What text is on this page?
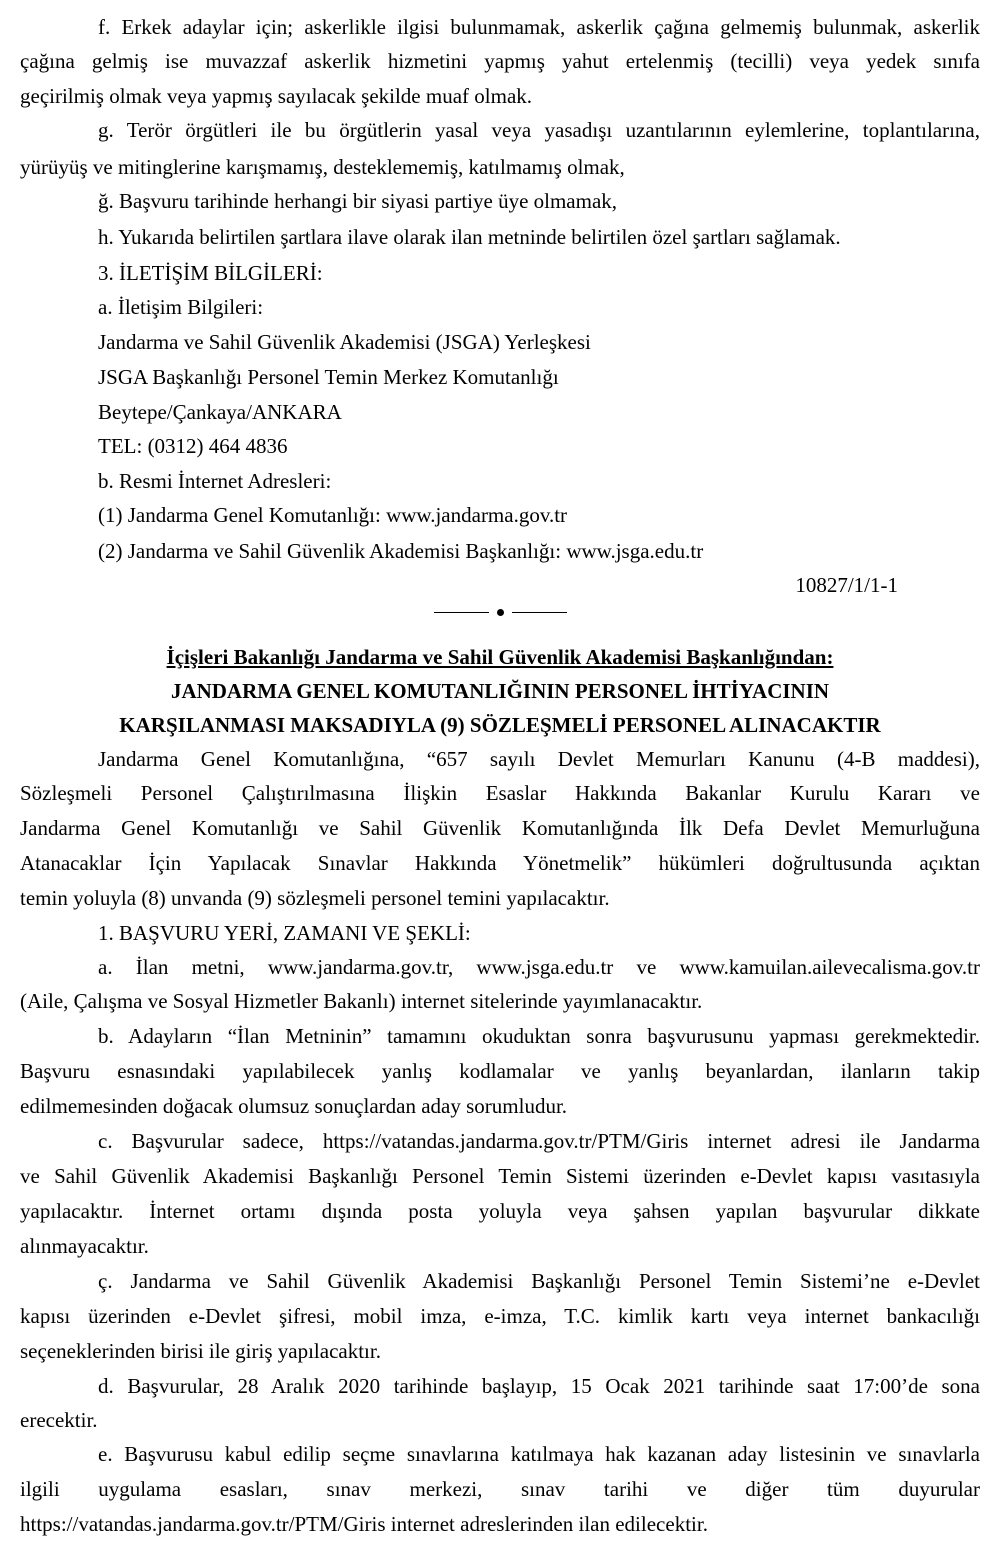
f. Erkek adaylar için; askerlikle ilgisi bulunmamak, askerlik çağına gelmemiş bulunmak, askerlik
çağına gelmiş ise muvazzaf askerlik hizmetini yapmış yahut ertelenmiş (tecilli) veya yedek sınıfa
geçirilmiş olmak veya yapmış sayılacak şekilde muaf olmak.
g. Terör örgütleri ile bu örgütlerin yasal veya yasadışı uzantılarının eylemlerine, toplantılarına,
yürüyüş ve mitinglerine karışmamış, desteklememiş, katılmamış olmak,
ğ. Başvuru tarihinde herhangi bir siyasi partiye üye olmamak,
h. Yukarıda belirtilen şartlara ilave olarak ilan metninde belirtilen özel şartları sağlamak.
3. İLETİŞİM BİLGİLERİ:
a. İletişim Bilgileri:
Jandarma ve Sahil Güvenlik Akademisi (JSGA) Yerleşkesi
JSGA Başkanlığı Personel Temin Merkez Komutanlığı
Beytepe/Çankaya/ANKARA
TEL: (0312) 464 4836
b. Resmi İnternet Adresleri:
(1) Jandarma Genel Komutanlığı: www.jandarma.gov.tr
(2) Jandarma ve Sahil Güvenlik Akademisi Başkanlığı: www.jsga.edu.tr
10827/1/1-1
İçişleri Bakanlığı Jandarma ve Sahil Güvenlik Akademisi Başkanlığından:
JANDARMA GENEL KOMUTANLIĞININ PERSONEL İHTİYACININ
KARŞILANMASI MAKSADIYLA (9) SÖZLEŞMELİ PERSONEL ALINACAKTIR
Jandarma Genel Komutanlığına, “657 sayılı Devlet Memurları Kanunu (4-B maddesi),
Sözleşmeli Personel Çalıştırılmasına İlişkin Esaslar Hakkında Bakanlar Kurulu Kararı ve
Jandarma Genel Komutanlığı ve Sahil Güvenlik Komutanlığında İlk Defa Devlet Memurluğuna
Atanacaklar İçin Yapılacak Sınavlar Hakkında Yönetmelik” hükümleri doğrultusunda açıktan
temin yoluyla (8) unvanda (9) sözleşmeli personel temini yapılacaktır.
1. BAŞVURU YERİ, ZAMANI VE ŞEKLİ:
a. İlan metni, www.jandarma.gov.tr, www.jsga.edu.tr ve www.kamuilan.ailevecalisma.gov.tr
(Aile, Çalışma ve Sosyal Hizmetler Bakanlı) internet sitelerinde yayımlanacaktır.
b. Adayların “İlan Metninin” tamamını okuduktan sonra başvurusunu yapması gerekmektedir.
Başvuru esnasındaki yapılabilecek yanlış kodlamalar ve yanlış beyanlardan, ilanların takip
edilmemesinden doğacak olumsuz sonuçlardan aday sorumludur.
c. Başvurular sadece, https://vatandas.jandarma.gov.tr/PTM/Giris internet adresi ile Jandarma
ve Sahil Güvenlik Akademisi Başkanlığı Personel Temin Sistemi üzerinden e-Devlet kapısı vasıtasıyla
yapılacaktır. İnternet ortamı dışında posta yoluyla veya şahsen yapılan başvurular dikkate
alınmayacaktır.
ç. Jandarma ve Sahil Güvenlik Akademisi Başkanlığı Personel Temin Sistemi’ne e-Devlet
kapısı üzerinden e-Devlet şifresi, mobil imza, e-imza, T.C. kimlik kartı veya internet bankacılığı
seçeneklerinden birisi ile giriş yapılacaktır.
d. Başvurular, 28 Aralık 2020 tarihinde başlayıp, 15 Ocak 2021 tarihinde saat 17:00’de sona
erecektir.
e. Başvurusu kabul edilip seçme sınavlarına katılmaya hak kazanan aday listesinin ve sınavlarla
ilgili uygulama esasları, sınav merkezi, sınav tarihi ve diğer tüm duyurular
https://vatandas.jandarma.gov.tr/PTM/Giris internet adreslerinden ilan edilecektir.
